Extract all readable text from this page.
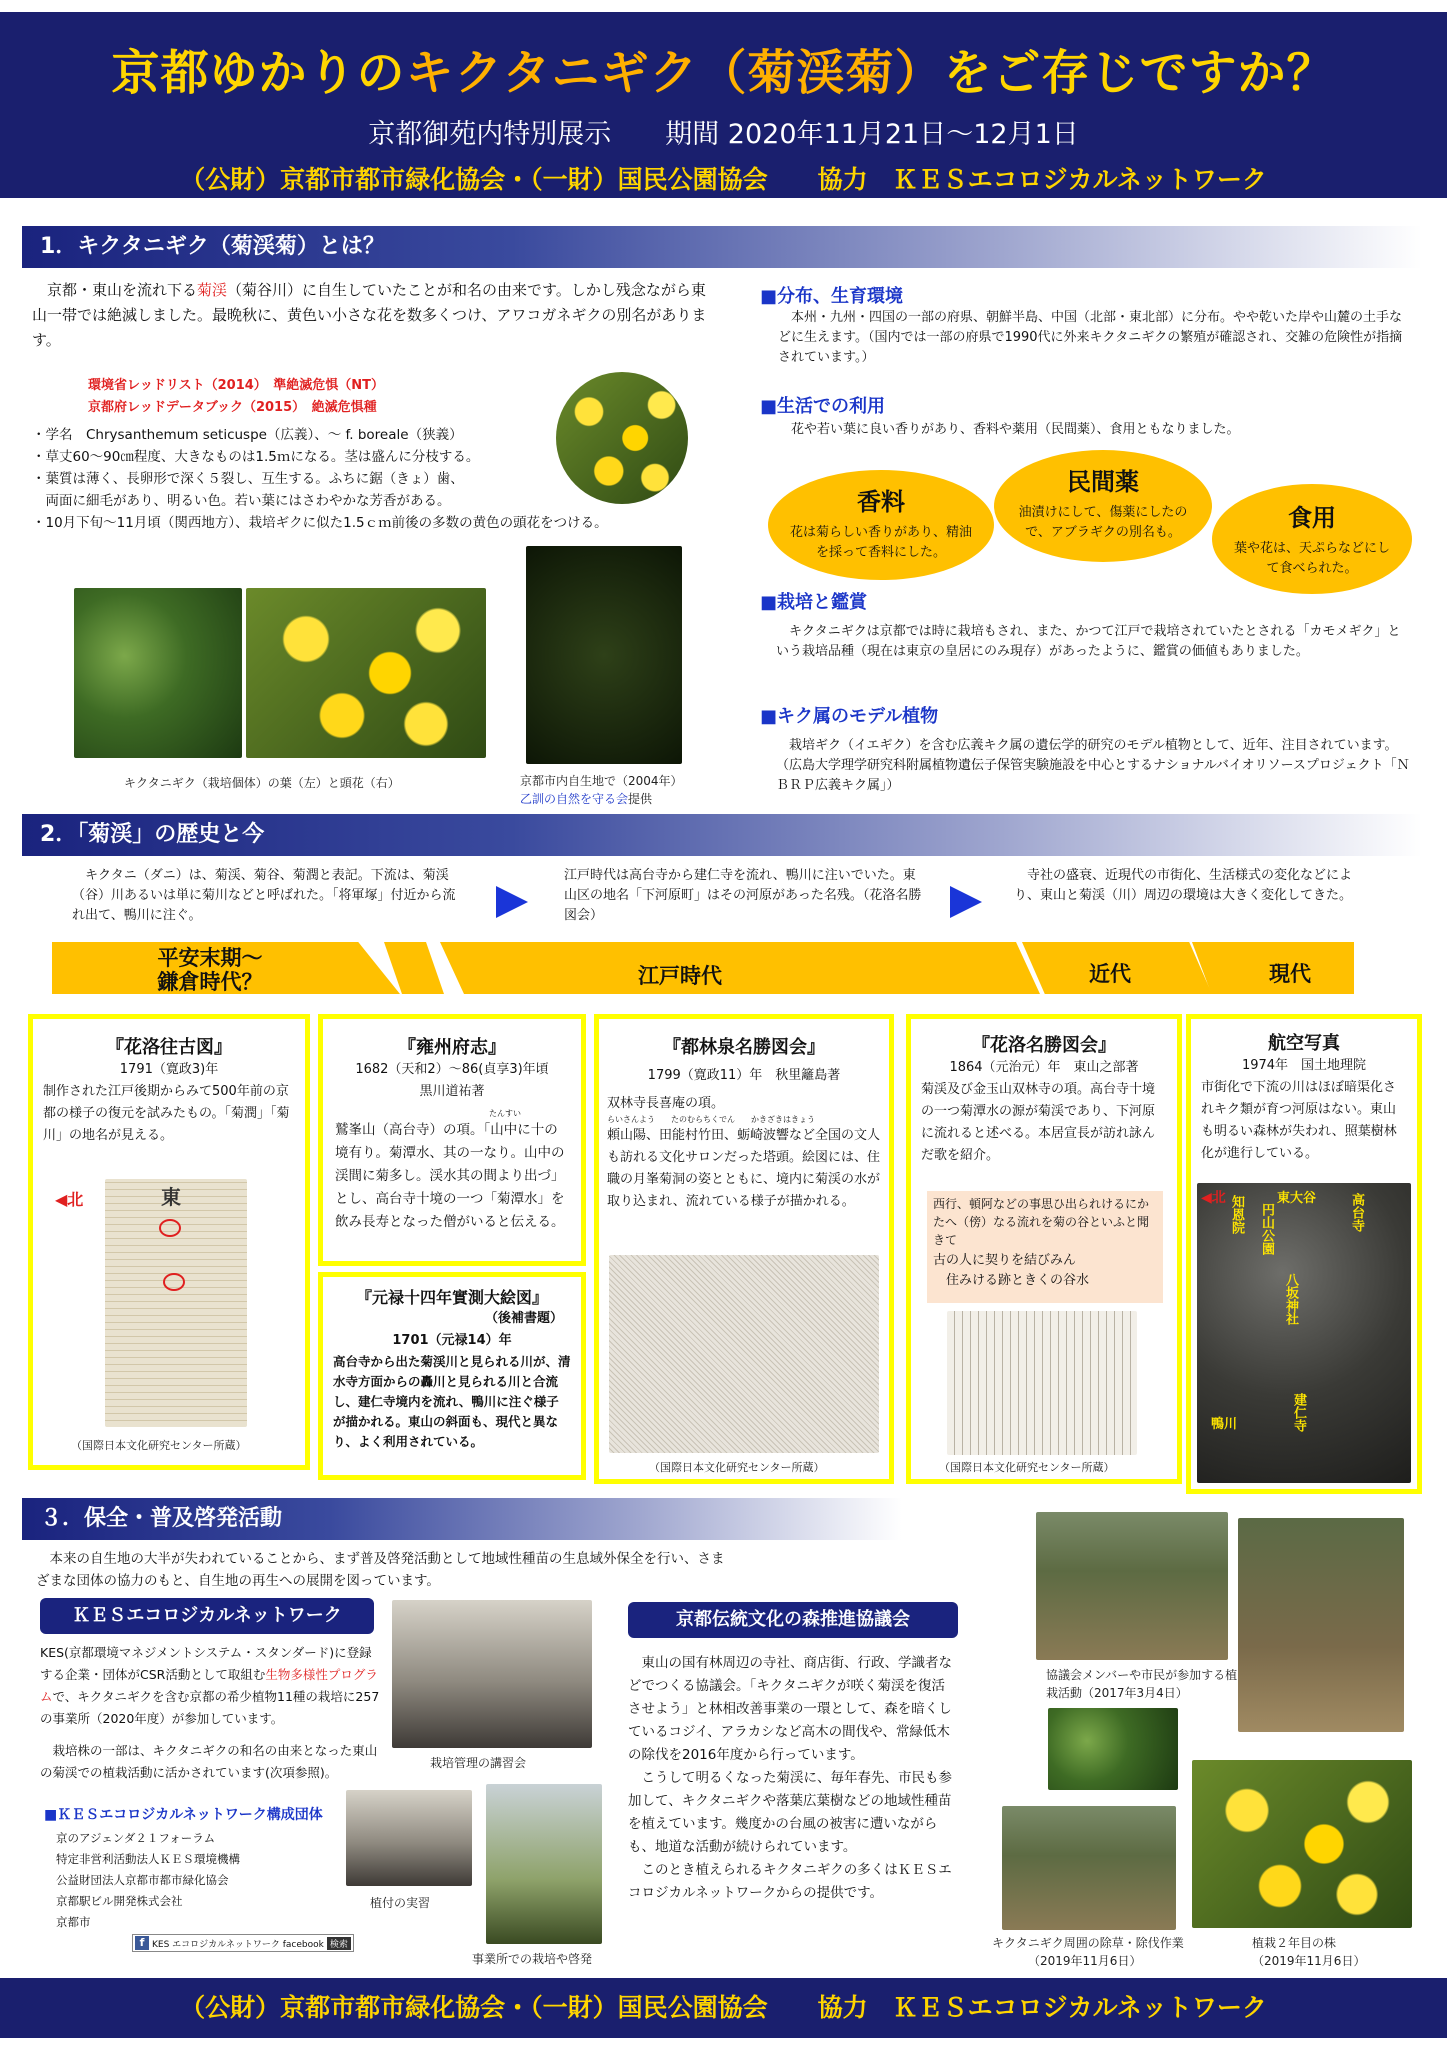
京都ゆかりのキクタニギク（菊渓菊）をご存じですか？
京都御苑内特別展示　　期間 2020年11月21日～12月1日
（公財）京都市都市緑化協会・（一財）国民公園協会　　協力　ＫＥＳエコロジカルネットワーク
1．キクタニギク（菊渓菊）とは？
　京都・東山を流れ下る菊渓（菊谷川）に自生していたことが和名の由来です。しかし残念ながら東山一帯では絶滅しました。最晩秋に、黄色い小さな花を数多くつけ、アワコガネギクの別名があります。
環境省レッドリスト（2014）　準絶滅危惧（NT）
京都府レッドデータブック（2015）　絶滅危惧種
・学名　Chrysanthemum seticuspe（広義）、～ f. boreale（狭義）
・草丈60～90㎝程度、大きなものは1.5ｍになる。茎は盛んに分枝する。
・葉質は薄く、長卵形で深く５裂し、互生する。ふちに鋸（きょ）歯、
　両面に細毛があり、明るい色。若い葉にはさわやかな芳香がある。
・10月下旬～11月頃（関西地方）、栽培ギクに似た1.5ｃｍ前後の多数の黄色の頭花をつける。
キクタニギク（栽培個体）の葉（左）と頭花（右）	京都市内自生地で（2004年）
乙訓の自然を守る会提供
■分布、生育環境
　本州・九州・四国の一部の府県、朝鮮半島、中国（北部・東北部）に分布。やや乾いた岸や山麓の土手などに生えます。（国内では一部の府県で1990代に外来キクタニギクの繁殖が確認され、交雑の危険性が指摘されています。）
■生活での利用
　花や若い葉に良い香りがあり、香料や薬用（民間薬）、食用ともなりました。
香料
花は菊らしい香りがあり、精油を採って香料にした。
民間薬
油漬けにして、傷薬にしたので、アブラギクの別名も。
食用
葉や花は、天ぷらなどにして食べられた。
■栽培と鑑賞
　キクタニギクは京都では時に栽培もされ、また、かつて江戸で栽培されていたとされる「カモメギク」という栽培品種（現在は東京の皇居にのみ現存）があったように、鑑賞の価値もありました。
■キク属のモデル植物
　栽培ギク（イエギク）を含む広義キク属の遺伝学的研究のモデル植物として、近年、注目されています。（広島大学理学研究科附属植物遺伝子保管実験施設を中心とするナショナルバイオリソースプロジェクト「ＮＢＲＰ広義キク属」）
2．「菊渓」の歴史と今
　キクタニ（ダニ）は、菊渓、菊谷、菊潤と表記。下流は、菊渓（谷）川あるいは単に菊川などと呼ばれた。「将軍塚」付近から流れ出て、鴨川に注ぐ。
江戸時代は高台寺から建仁寺を流れ、鴨川に注いでいた。東山区の地名「下河原町」はその河原があった名残。（花洛名勝図会）
　寺社の盛衰、近現代の市街化、生活様式の変化などにより、東山と菊渓（川）周辺の環境は大きく変化してきた。
平安末期～
鎌倉時代？	江戸時代	近代	現代
『花洛往古図』
1791（寛政3)年
制作された江戸後期からみて500年前の京都の様子の復元を試みたもの。「菊潤」「菊川」の地名が見える。
◀北	東
（国際日本文化研究センター所蔵）
『雍州府志』
1682（天和2）～86(貞享3)年頃
黒川道祐著
たんすい
鷲峯山（高台寺）の項。「山中に十の境有り。菊潭水、其の一なり。山中の渓間に菊多し。渓水其の間より出づ」とし、高台寺十境の一つ「菊潭水」を飲み長寿となった僧がいると伝える。
『元禄十四年實測大絵図』
（後補書題）
1701（元禄14）年
高台寺から出た菊渓川と見られる川が、清水寺方面からの轟川と見られる川と合流し、建仁寺境内を流れ、鴨川に注ぐ様子が描かれる。東山の斜面も、現代と異なり、よく利用されている。
『都林泉名勝図会』
1799（寛政11）年　秋里籬島著
双林寺長喜庵の項。
らいさんよう　　たのむらちくでん　　かきざきはきょう
頼山陽、田能村竹田、蛎崎波響など全国の文人も訪れる文化サロンだった塔頭。絵図には、住職の月峯菊洞の姿とともに、境内に菊渓の水が取り込まれ、流れている様子が描かれる。
（国際日本文化研究センター所蔵）
『花洛名勝図会』
1864（元治元）年　東山之部著
菊渓及び金玉山双林寺の項。高台寺十境の一つ菊潭水の源が菊渓であり、下河原に流れると述べる。本居宣長が訪れ詠んだ歌を紹介。
西行、頓阿などの事思ひ出られけるにかたへ（傍）なる流れを菊の谷といふと聞きて
古の人に契りを結びみん
　住みける跡ときくの谷水
（国際日本文化研究センター所蔵）
航空写真
1974年　国土地理院
市街化で下流の川はほぼ暗渠化されキク類が育つ河原はない。東山も明るい森林が失われ、照葉樹林化が進行している。
◀北	東大谷	高台寺
円山公園
知恩院
八坂神社
建仁寺
鴨川
３．保全・普及啓発活動
　本来の自生地の大半が失われていることから、まず普及啓発活動として地域性種苗の生息域外保全を行い、さまざまな団体の協力のもと、自生地の再生への展開を図っています。
ＫＥＳエコロジカルネットワーク
KES(京都環境マネジメントシステム・スタンダード)に登録する企業・団体がCSR活動として取組む生物多様性プログラムで、キクタニギクを含む京都の希少植物11種の栽培に257の事業所（2020年度）が参加しています。
　栽培株の一部は、キクタニギクの和名の由来となった東山の菊渓での植栽活動に活かされています(次項参照)。
■ＫＥＳエコロジカルネットワーク構成団体
京のアジェンダ２１フォーラム
特定非営利活動法人ＫＥＳ環境機構
公益財団法人京都市都市緑化協会
京都駅ビル開発株式会社
京都市
f KES エコロジカルネットワーク facebook 検索
栽培管理の講習会
植付の実習
事業所での栽培や啓発
京都伝統文化の森推進協議会
　東山の国有林周辺の寺社、商店街、行政、学識者などでつくる協議会。「キクタニギクが咲く菊渓を復活させよう」と林相改善事業の一環として、森を暗くしているコジイ、アラカシなど高木の間伐や、常緑低木の除伐を2016年度から行っています。
　こうして明るくなった菊渓に、毎年春先、市民も参加して、キクタニギクや落葉広葉樹などの地域性種苗を植えています。幾度かの台風の被害に遭いながらも、地道な活動が続けられています。
　このとき植えられるキクタニギクの多くはＫＥＳエコロジカルネットワークからの提供です。
協議会メンバーや市民が参加する植栽活動（2017年3月4日）
キクタニギク周囲の除草・除伐作業
（2019年11月6日）
植栽２年目の株
（2019年11月6日）
（公財）京都市都市緑化協会・（一財）国民公園協会　　協力　ＫＥＳエコロジカルネットワーク
